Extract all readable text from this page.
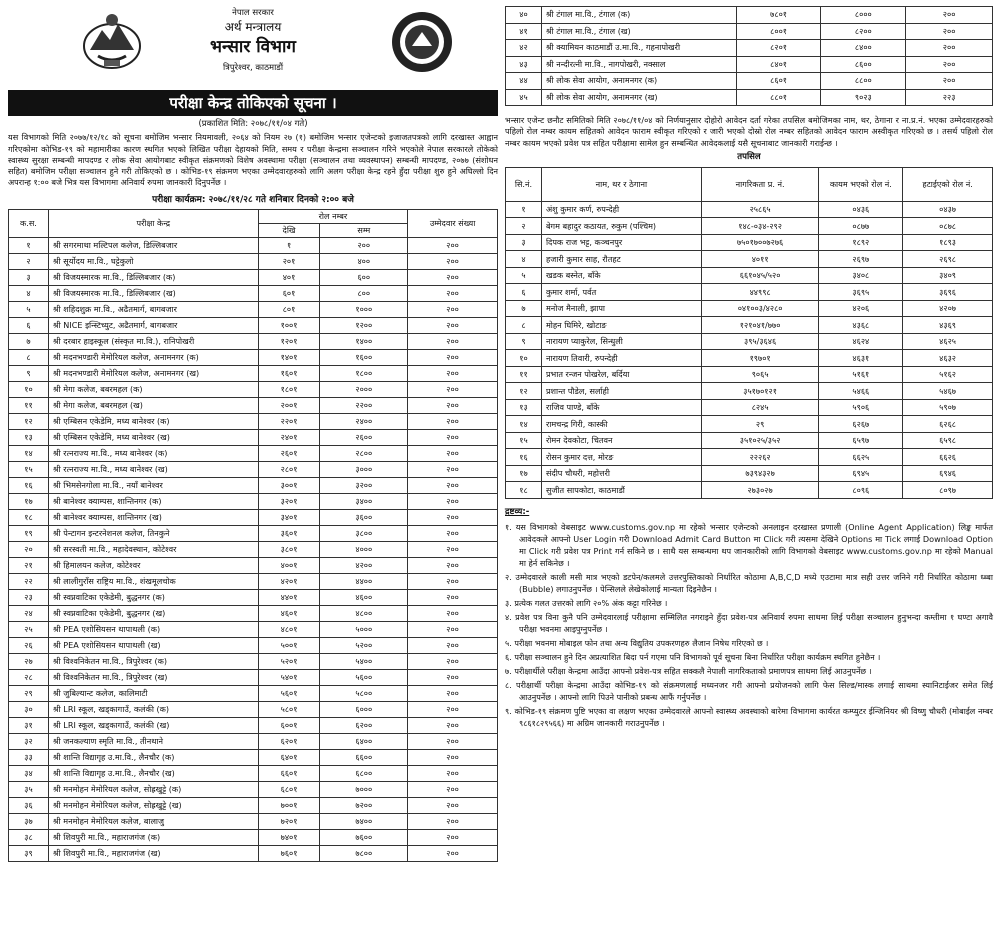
नेपाल सरकार
अर्थ मन्त्रालय
भन्सार विभाग
त्रिपुरेश्वर, काठमाडौं
परीक्षा केन्द्र तोकिएको सूचना ।
(प्रकाशित मिति: २०७८/११/०४ गते)

यस विभागको मिति २०७७/१२/१८ को सूचना बमोजिम भन्सार नियमावली, २०६४ को नियम २७ (१) बमोजिम भन्सार एजेन्टको इजाजतपत्रको लागि दरखास्त आह्वान गरिएकोमा कोभिड-१९ को महामारीका कारण स्थगित भएको लिखित परीक्षा देहायको मिति, समय र परीक्षा केन्द्रमा सञ्चालन गरिने भएकोले नेपाल सरकारले तोकेको स्वास्थ्य सुरक्षा सम्बन्धी मापदण्ड र लोक सेवा आयोगबाट स्वीकृत संक्रमणको विशेष अवस्थामा परीक्षा (सञ्चालन तथा व्यवस्थापन) सम्बन्धी मापदण्ड, २०७७ (संशोधन सहित) बमोजिम परीक्षा सञ्चालन हुने गरी तोकिएको छ । कोभिड-१९ संक्रमण भएका उम्मेदवारहरुको लागि अलग परीक्षा केन्द्र रहने हुँदा परीक्षा शुरु हुने अघिल्लो दिन अपरान्ह १:०० बजे भित्र यस विभागमा अनिवार्य रुपमा जानकारी दिनुपर्नेछ ।

परीक्षा कार्यक्रम: २०७८/११/२८ गते शनिबार दिनको २:०० बजे
क.स.	परीक्षा केन्द्र	रोल नम्बर		उम्मेदवार संख्या
		देखि	सम्म	
१	श्री सगरमाथा मल्टिपल कलेज, डिल्लिबजार	१	२००	२००
२	श्री सूर्योदय मा.वि., घट्टेकुलो	२०१	४००	२००
३	श्री विजयस्मारक मा.वि., डिल्लिबजार (क)	४०१	६००	२००
४	श्री विजयस्मारक मा.वि., डिल्लिबजार (ख)	६०१	८००	२००
५	श्री शहिदशुक्र मा.वि., अढैतमार्ग, बागबजार	८०१	१०००	२००
६	श्री NICE इन्स्टिच्युट, अढैतमार्ग, बागबजार	१००१	१२००	२००
७	श्री दरबार हाइस्कूल (संस्कृत मा.वि.), रानिपोखरी	१२०१	१४००	२००
८	श्री मदनभण्डारी मेमोरियल कलेज, अनामनगर (क)	१४०१	१६००	२००
९	श्री मदनभण्डारी मेमोरियल कलेज, अनामनगर (ख)	१६०१	१८००	२००
१०	श्री मेगा कलेज, बबरमहल (क)	१८०१	२०००	२००
११	श्री मेगा कलेज, बबरमहल (ख)	२००१	२२००	२००
१२	श्री एम्बिसन एकेडेमि, मध्य बानेश्वर (क)	२२०१	२४००	२००
१३	श्री एम्बिसन एकेडेमि, मध्य बानेश्वर (ख)	२४०१	२६००	२००
१४	श्री रत्नराज्य मा.वि., मध्य बानेश्वर (क)	२६०१	२८००	२००
१५	श्री रत्नराज्य मा.वि., मध्य बानेश्वर (ख)	२८०१	३०००	२००
१६	श्री भिमसेनगोला मा.वि., नयाँ बानेश्वर	३००१	३२००	२००
१७	श्री बानेश्वर क्याम्पस, शान्तिनगर (क)	३२०१	३४००	२००
१८	श्री बानेश्वर क्याम्पस, शान्तिनगर (ख)	३४०१	३६००	२००
१९	श्री पेन्टागन इन्टरनेशनल कलेज, तिनकुने	३६०१	३८००	२००
२०	श्री सरस्वती मा.वि., महादेवस्थान, कोटेश्वर	३८०१	४०००	२००
२१	श्री हिमालयन कलेज, कोटेश्वर	४००१	४२००	२००
२२	श्री लालीगुराँस राष्ट्रिय मा.वि., शंखमूलचोक	४२०१	४४००	२००
२३	श्री स्वप्नवाटिका एकेडेमी, बुद्धनगर (क)	४४०१	४६००	२००
२४	श्री स्वप्नवाटिका एकेडेमी, बुद्धनगर (ख)	४६०१	४८००	२००
२५	श्री PEA एशोसियसन थापाथली (क)	४८०१	५०००	२००
२६	श्री PEA एशोसियसन थापाथली (ख)	५००१	५२००	२००
२७	श्री विश्वनिकेतन मा.वि., त्रिपुरेश्वर (क)	५२०१	५४००	२००
२८	श्री विश्वनिकेतन मा.वि., त्रिपुरेश्वर (ख)	५४०१	५६००	२००
२९	श्री जुबिल्यान्ट कलेज, कालिमाटी	५६०१	५८००	२००
३०	श्री LRI स्कूल, खड्कागाउँ, कलंकी (क)	५८०१	६०००	२००
३१	श्री LRI स्कूल, खड्कागाउँ, कलंकी (ख)	६००१	६२००	२००
३२	श्री जनकल्याण स्मृति मा.वि., तीनथाने	६२०१	६४००	२००
३३	श्री शान्ति विद्यागृह उ.मा.वि., लैनचौर (क)	६४०१	६६००	२००
३४	श्री शान्ति विद्यागृह उ.मा.वि., लैनचौर (ख)	६६०१	६८००	२००
३५	श्री मनमोहन मेमोरियल कलेज, सोह्रखुट्टे (क)	६८०१	७०००	२००
३६	श्री मनमोहन मेमोरियल कलेज, सोह्रखुट्टे (ख)	७००१	७२००	२००
३७	श्री मनमोहन मेमोरियल कलेज, बालाजु	७२०१	७४००	२००
३८	श्री शिवपुरी मा.वि., महाराजगंज (क)	७४०१	७६००	२००
३९	श्री शिवपुरी मा.वि., महाराजगंज (ख)	७६०१	७८००	२००
४०	श्री टंगाल मा.वि., टंगाल (क)	७८०१	८०००	२००
४१	श्री टंगाल मा.वि., टंगाल (ख)	८००१	८२००	२००
४२	श्री क्यामियन काठमाडौं उ.मा.वि., गहनापोखरी	८२०१	८४००	२००
४३	श्री नन्दीरत्नी मा.वि., नागपोखरी, नक्साल	८४०१	८६००	२००
४४	श्री लोक सेवा आयोग, अनामनगर (क)	८६०१	८८००	२००
४५	श्री लोक सेवा आयोग, अनामनगर (ख)	८८०१	९०२३	२२३

भन्सार एजेन्ट छनौट समितिको मिति २०७८/११/०४ को निर्णयानुसार दोहोरो आवेदन दर्ता गरेका तपसिल बमोजिमका नाम, थर, ठेगाना र ना.प्र.नं. भएका उम्मेदवारहरुको पहिलो रोल नम्बर कायम सहितको आवेदन फाराम स्वीकृत गरिएको र जारी भएको दोस्रो रोल नम्बर सहितको आवेदन फाराम अस्वीकृत गरिएको छ । तसर्थ पहिलो रोल नम्बर कायम भएको प्रवेश पत्र सहित परीक्षामा सामेल हुन सम्बन्धित आवेदकलाई यसै सूचनाबाट जानकारी गराईन्छ ।

तपसिल
सि.नं.	नाम, थर र ठेगाना	नागरिकता प्र. नं.	कायम भएको रोल नं.	हटाईएको रोल नं.
१	अंशु कुमार कर्ण, रुपन्देही	२५८६५	०४३६	०४३७
२	बेगम बहादुर कठायत, रुकुम (पश्चिम)	१४८-०३४-२९२	०८७७	०८७८
३	दिपक राज भट्ट, कञ्चनपुर	७५०१७००७२७६	१८९२	१८९३
४	हजारी कुमार साह, रौतहट	४०११	२६९७	२६९८
५	खडक बस्नेत, बाँके	६६१०४५/५२०	३४०८	३४०९
६	कुमार शर्मा, पर्वत	४४९९८	३६९५	३६९६
७	मनोज मैनाली, झापा	०४१००३/४२८०	४२०६	४२०७
८	मोहन घिमिरे, खोटाङ	१२१०४१/७७०	४३६८	४३६९
९	नारायण प्याकुरेल, सिन्धुली	३९५/३६४६	४६२४	४६२५
१०	नारायण तिवारी, रुपन्देही	१९७०१	४६३१	४६३२
११	प्रभात रन्जन पोखरेल, बर्दिया	९०६५	५१६१	५१६२
१२	प्रशान्त पौडेल, सर्लाही	३५१७०१२१	५४६६	५४६७
१३	राजिव पाण्डे, बाँके	८२४५	५९०६	५९०७
१४	रामचन्द्र गिरी, कास्की	२९	६२६७	६२६८
१५	रोमन देवकोटा, चितवन	३५१०२५/३५२	६५९७	६५९८
१६	रोसन कुमार दत्त, मोरङ	२२२६२	६६२५	६६२६
१७	संदीप चौधरी, महोत्तरी	७३९४३२७	६९४५	६९४६
१८	सुजीत सापकोटा, काठमाडौं	२७३०२७	८०९६	८०९७
द्रष्टव्य:-
१. यस विभागको वेबसाइट www.customs.gov.np मा रहेको भन्सार एजेन्टको अनलाइन दरखास्त प्रणाली (Online Agent Application) लिङ्क मार्फत आवेदकले आफ्नो User Login गरी Download Admit Card Button मा Click गरी त्यसमा देखिने Options मा Tick लगाई Download Option मा Click गरी प्रवेश पत्र Print गर्न सकिने छ । साथै यस सम्बन्धमा थप जानकारीको लागि विभागको वेबसाइट www.customs.gov.np मा रहेको Manual मा हेर्न सकिनेछ ।
२. उम्मेदवारले काली मसी मात्र भएको डटपेन/कलमले उत्तरपुस्तिकाको निर्धारित कोठामा A,B,C,D मध्ये एउटामा मात्र सही उत्तर जनिने गरी निर्धारित कोठामा ध्ब्बा (Bubble) लगाउनुपर्नेछ । पेन्सिलले लेखेकोलाई मान्यता दिइनेछैन ।
३. प्रत्येक गलत उत्तरको लागि २०% अंक कट्टा गरिनेछ ।
४. प्रवेश पत्र विना कुनै पनि उम्मेदवारलाई परीक्षामा सम्मिलित नगराइने हुँदा प्रवेश-पत्र अनिवार्य रुपमा साथमा लिई परीक्षा सञ्चालन हुनुभन्दा कम्तीमा १ घण्टा अगावै परीक्षा भवनमा आइपुग्नुपर्नेछ ।
५. परीक्षा भवनमा मोबाइल फोन तथा अन्य विद्युतिय उपकरणहरु लैजान निषेध गरिएको छ ।
६. परीक्षा सञ्चालन हुने दिन अप्रत्याशित बिदा पर्न गएमा पनि विभागको पूर्व सूचना बिना निर्धारित परीक्षा कार्यक्रम स्थगित हुनेछैन ।
७. परीक्षार्थीले परीक्षा केन्द्रमा आउँदा आफ्नो प्रवेश-पत्र सहित सक्कलै नेपाली नागरिकताको प्रमाणपत्र साथमा लिई आउनुपर्नेछ ।
८. परीक्षार्थी परीक्षा केन्द्रमा आउँदा कोभिड-१९ को संक्रमणलाई मध्यनजर गरी आफ्नो प्रयोजनको लागि फेस सिल्ड/मास्क लगाई साथमा स्यानिटाईजर समेत लिई आउनुपर्नेछ । आफ्नो लागि पिउने पानीको प्रबन्ध आफैं गर्नुपर्नेछ ।
९. कोभिड-१९ संक्रमण पुष्टि भएका वा लक्षण भएका उम्मेदवारले आफ्नो स्वास्थ्य अवस्थाको बारेमा विभागमा कार्यरत कम्प्युटर ईन्जिनियर श्री विष्णु चौधरी (मोबाईल नम्बर ९८६१८२९५६६) मा अग्रिम जानकारी गराउनुपर्नेछ ।
